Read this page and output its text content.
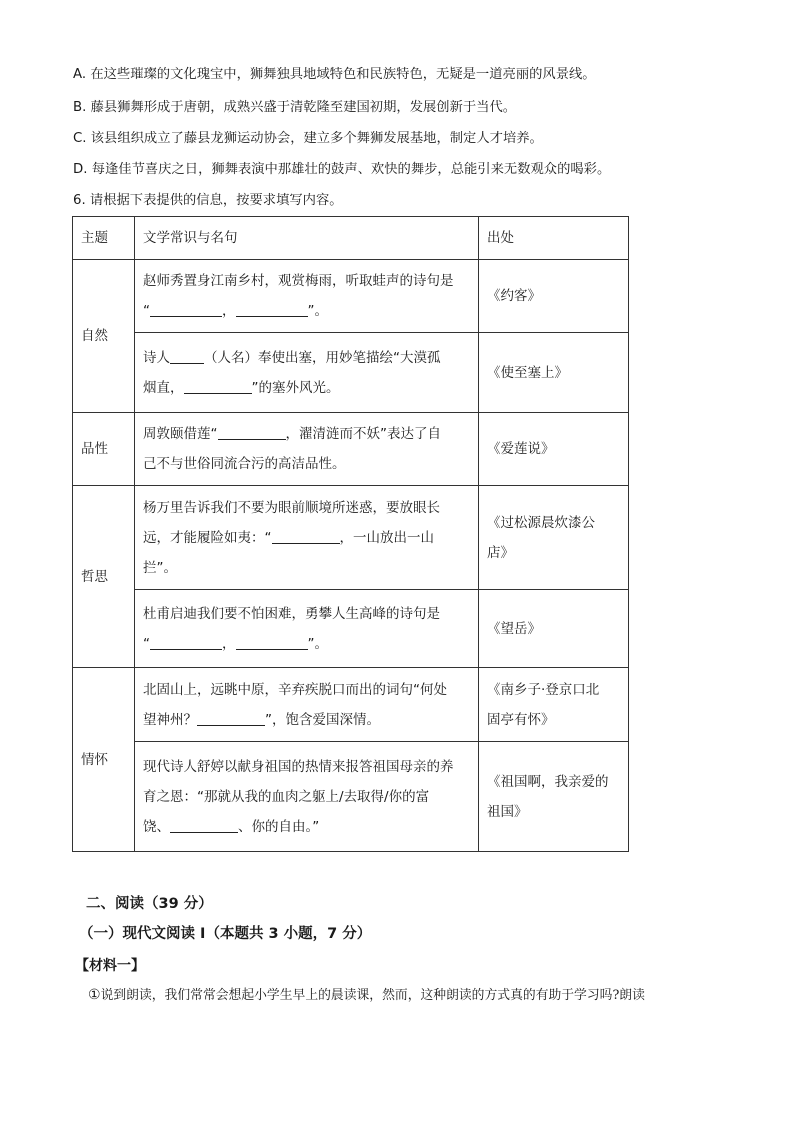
A. 在这些璀璨的文化瑰宝中，狮舞独具地域特色和民族特色，无疑是一道亮丽的风景线。
B. 藤县狮舞形成于唐朝，成熟兴盛于清乾隆至建国初期，发展创新于当代。
C. 该县组织成立了藤县龙狮运动协会，建立多个舞狮发展基地，制定人才培养。
D. 每逢佳节喜庆之日，狮舞表演中那雄壮的鼓声、欢快的舞步，总能引来无数观众的喝彩。
6. 请根据下表提供的信息，按要求填写内容。
主题	文学常识与名句	出处
自然	赵师秀置身江南乡村，观赏梅雨，听取蛙声的诗句是
“ ， ”。	《约客》
	诗人 （人名）奉使出塞，用妙笔描绘“大漠孤
烟直， ”的塞外风光。	《使至塞上》
品性	周敦颐借莲“ ，濯清涟而不妖”表达了自
己不与世俗同流合污的高洁品性。	《爱莲说》
哲思	杨万里告诉我们不要为眼前顺境所迷惑，要放眼长
远，才能履险如夷：“ ，一山放出一山
拦”。	《过松源晨炊漆公
店》
	杜甫启迪我们要不怕困难，勇攀人生高峰的诗句是
“ ， ”。	《望岳》
情怀	北固山上，远眺中原，辛弃疾脱口而出的词句“何处
望神州？ ”，饱含爱国深情。	《南乡子·登京口北
固亭有怀》
	现代诗人舒婷以献身祖国的热情来报答祖国母亲的养
育之恩：“那就从我的血肉之躯上/去取得/你的富
饶、 、你的自由。”	《祖国啊，我亲爱的
祖国》
二、阅读（39 分）
（一）现代文阅读 I（本题共 3 小题，7 分）
【材料一】
①说到朗读，我们常常会想起小学生早上的晨读课，然而，这种朗读的方式真的有助于学习吗?朗读
